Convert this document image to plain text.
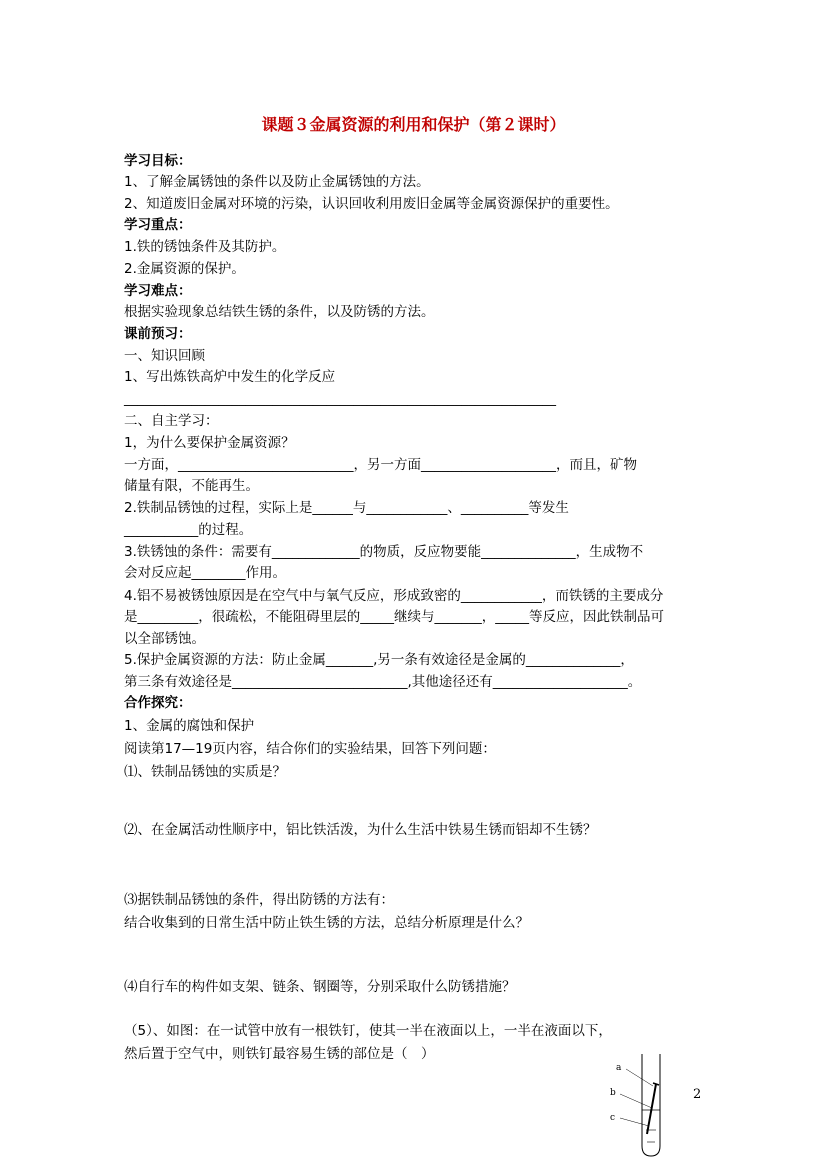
课题３金属资源的利用和保护（第２课时）
学习目标：
1、了解金属锈蚀的条件以及防止金属锈蚀的方法。
2、知道废旧金属对环境的污染，认识回收利用废旧金属等金属资源保护的重要性。
学习重点：
1.铁的锈蚀条件及其防护。
2.金属资源的保护。
学习难点：
根据实验现象总结铁生锈的条件，以及防锈的方法。
课前预习：
一、知识回顾
1、写出炼铁高炉中发生的化学反应
________________________________________________________________
二、自主学习：
1，为什么要保护金属资源？
一方面，__________________________，另一方面____________________，而且，矿物
储量有限，不能再生。
2.铁制品锈蚀的过程，实际上是______与____________、__________等发生
___________的过程。
3.铁锈蚀的条件：需要有_____________的物质，反应物要能______________，生成物不
会对反应起________作用。
4.铝不易被锈蚀原因是在空气中与氧气反应，形成致密的____________，而铁锈的主要成分
是_________，很疏松，不能阻碍里层的_____继续与_______，_____等反应，因此铁制品可
以全部锈蚀。
5.保护金属资源的方法：防止金属_______,另一条有效途径是金属的______________，
第三条有效途径是__________________________,其他途径还有____________________。
合作探究：
1、金属的腐蚀和保护
阅读第17—19页内容，结合你们的实验结果，回答下列问题：
⑴、铁制品锈蚀的实质是？
⑵、在金属活动性顺序中，铝比铁活泼，为什么生活中铁易生锈而铝却不生锈？
⑶据铁制品锈蚀的条件，得出防锈的方法有：
结合收集到的日常生活中防止铁生锈的方法，总结分析原理是什么？
⑷自行车的构件如支架、链条、钢圈等，分别采取什么防锈措施？
（5）、如图：在一试管中放有一根铁钉，使其一半在液面以上，一半在液面以下，
然后置于空气中，则铁钉最容易生锈的部位是（　）
a
b
c
2
